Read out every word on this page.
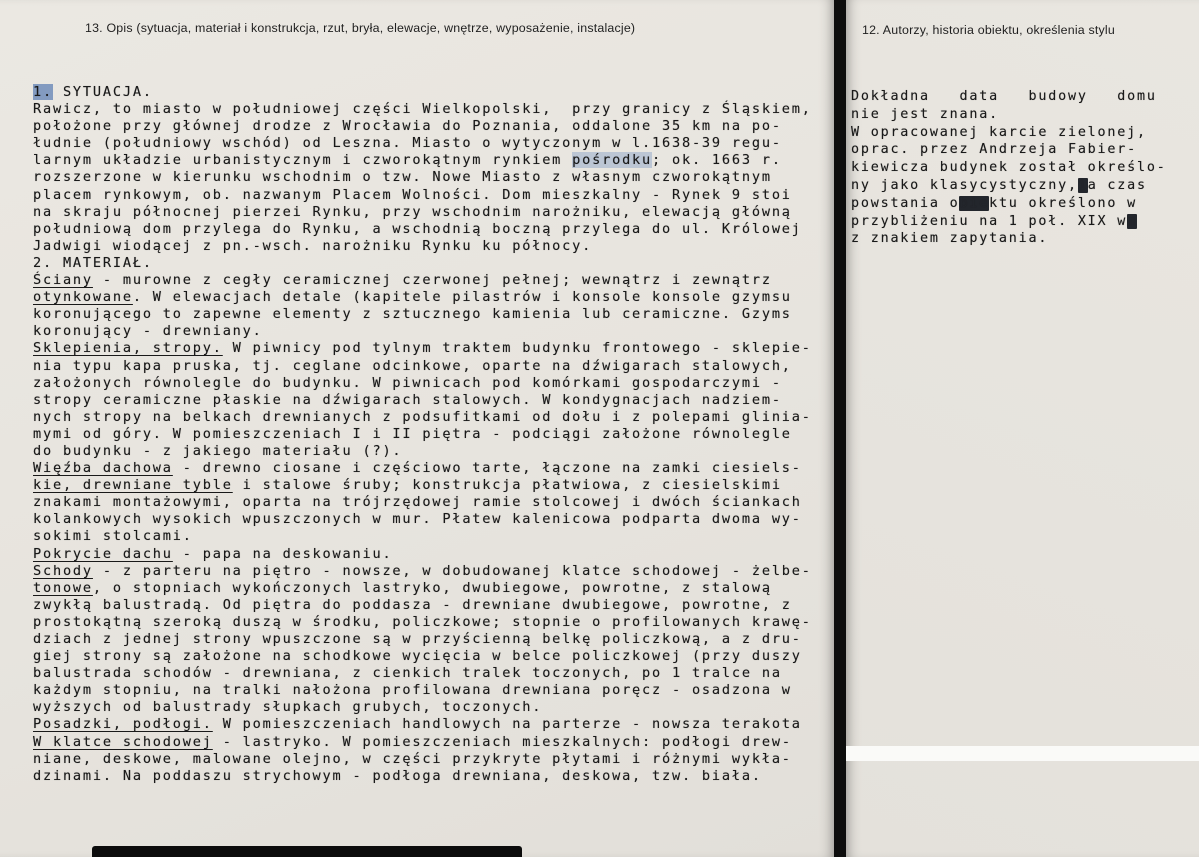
13. Opis (sytuacja, materiał i konstrukcja, rzut, bryła, elewacje, wnętrze, wyposażenie, instalacje)
1. SYTUACJA.
Rawicz, to miasto w południowej części Wielkopolski,  przy granicy z Śląskiem,
położone przy głównej drodze z Wrocławia do Poznania, oddalone 35 km na po-
łudnie (południowy wschód) od Leszna. Miasto o wytyczonym w l.1638-39 regu-
larnym układzie urbanistycznym i czworokątnym rynkiem pośrodku; ok. 1663 r.
rozszerzone w kierunku wschodnim o tzw. Nowe Miasto z własnym czworokątnym
placem rynkowym, ob. nazwanym Placem Wolności. Dom mieszkalny - Rynek 9 stoi
na skraju północnej pierzei Rynku, przy wschodnim narożniku, elewacją główną
południową dom przylega do Rynku, a wschodnią boczną przylega do ul. Królowej
Jadwigi wiodącej z pn.-wsch. narożniku Rynku ku północy.
2. MATERIAŁ.
Ściany - murowne z cegły ceramicznej czerwonej pełnej; wewnątrz i zewnątrz
otynkowane. W elewacjach detale (kapitele pilastrów i konsole konsole gzymsu
koronującego to zapewne elementy z sztucznego kamienia lub ceramiczne. Gzyms
koronujący - drewniany.
Sklepienia, stropy. W piwnicy pod tylnym traktem budynku frontowego - sklepie-
nia typu kapa pruska, tj. ceglane odcinkowe, oparte na dźwigarach stalowych,
założonych równolegle do budynku. W piwnicach pod komórkami gospodarczymi -
stropy ceramiczne płaskie na dźwigarach stalowych. W kondygnacjach nadziem-
nych stropy na belkach drewnianych z podsufitkami od dołu i z polepami glinia-
mymi od góry. W pomieszczeniach I i II piętra - podciągi założone równolegle
do budynku - z jakiego materiału (?).
Więźba dachowa - drewno ciosane i częściowo tarte, łączone na zamki ciesiels-
kie, drewniane tyble i stalowe śruby; konstrukcja płatwiowa, z ciesielskimi
znakami montażowymi, oparta na trójrzędowej ramie stolcowej i dwóch ściankach
kolankowych wysokich wpuszczonych w mur. Płatew kalenicowa podparta dwoma wy-
sokimi stolcami.
Pokrycie dachu - papa na deskowaniu.
Schody - z parteru na piętro - nowsze, w dobudowanej klatce schodowej - żelbe-
tonowe, o stopniach wykończonych lastryko, dwubiegowe, powrotne, z stalową
zwykłą balustradą. Od piętra do poddasza - drewniane dwubiegowe, powrotne, z
prostokątną szeroką duszą w środku, policzkowe; stopnie o profilowanych krawę-
dziach z jednej strony wpuszczone są w przyścienną belkę policzkową, a z dru-
giej strony są założone na schodkowe wycięcia w belce policzkowej (przy duszy
balustrada schodów - drewniana, z cienkich tralek toczonych, po 1 tralce na
każdym stopniu, na tralki nałożona profilowana drewniana poręcz - osadzona w
wyższych od balustrady słupkach grubych, toczonych.
Posadzki, podłogi. W pomieszczeniach handlowych na parterze - nowsza terakota
W klatce schodowej - lastryko. W pomieszczeniach mieszkalnych: podłogi drew-
niane, deskowe, malowane olejno, w części przykryte płytami i różnymi wykła-
dzinami. Na poddaszu strychowym - podłoga drewniana, deskowa, tzw. biała.
12. Autorzy, historia obiektu, określenia stylu
Dokładna   data   budowy   domu
nie jest znana.
W opracowanej karcie zielonej,
oprac. przez Andrzeja Fabier-
kiewicza budynek został określo-
ny jako klasycystyczny,ia czas
powstania obiektu określono w
przybliżeniu na 1 poł. XIX wm
z znakiem zapytania.
